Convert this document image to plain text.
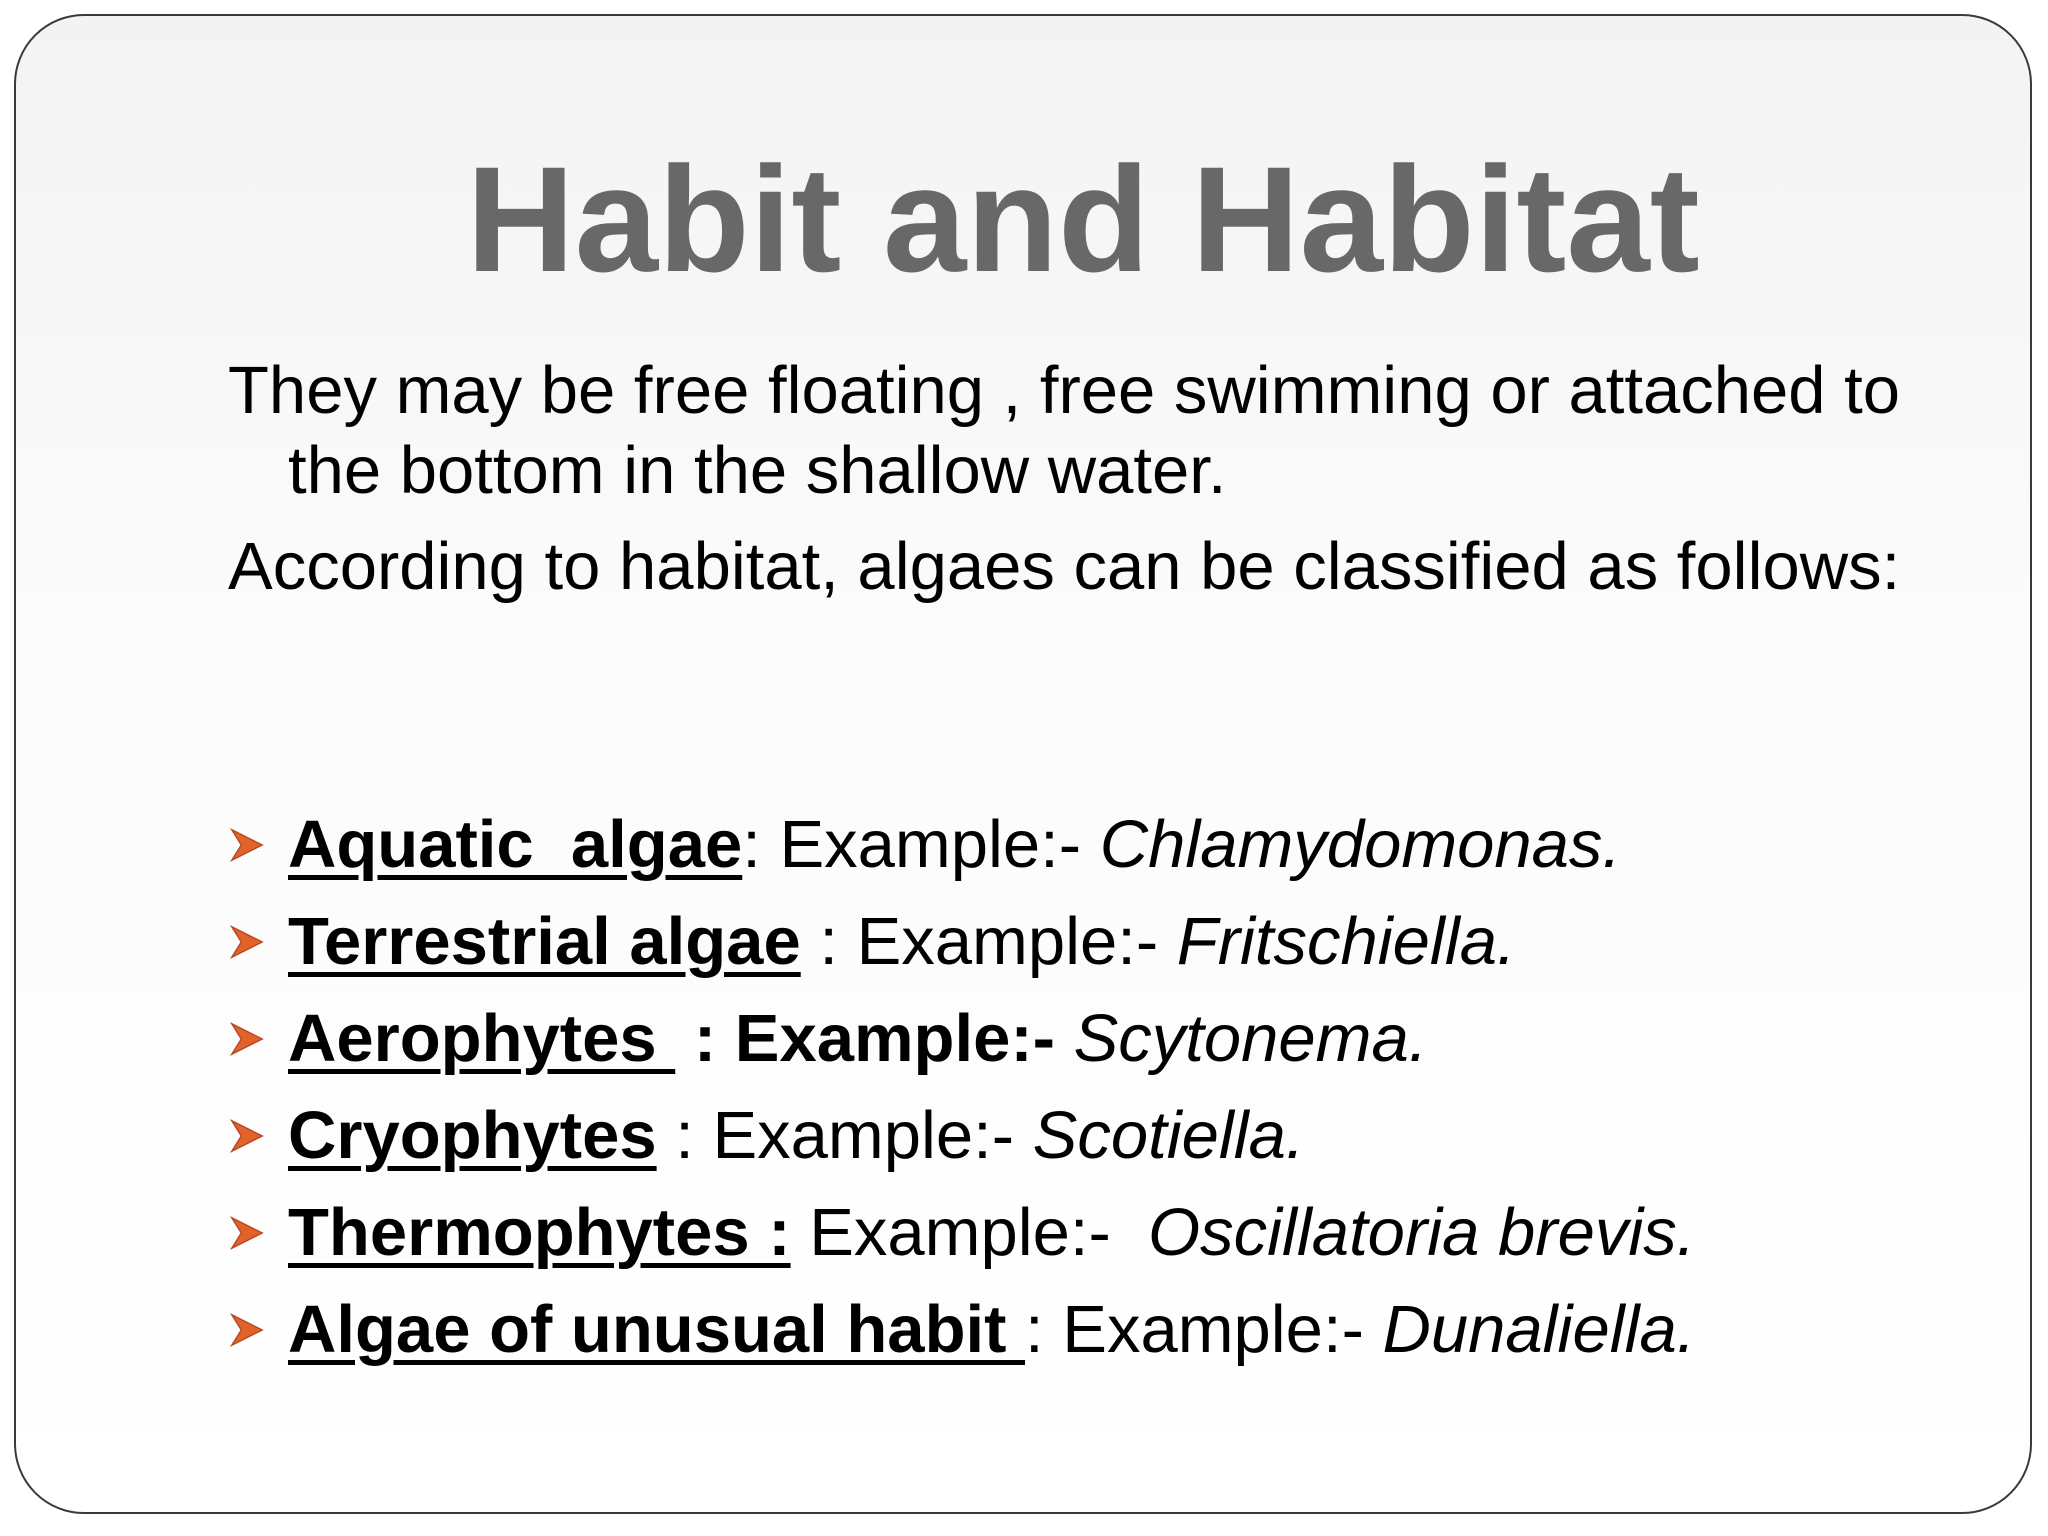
Habit and Habitat

They may be free floating , free swimming or attached to the bottom in the shallow water.

According to habitat, algaes can be classified as follows:

Aquatic  algae : Example:- Chlamydomonas.
Terrestrial algae : Example:- Fritschiella.
Aerophytes : Example:- Scytonema.
Cryophytes : Example:- Scotiella.
Thermophytes : Example:- Oscillatoria brevis.
Algae of unusual habit : Example:- Dunaliella.
